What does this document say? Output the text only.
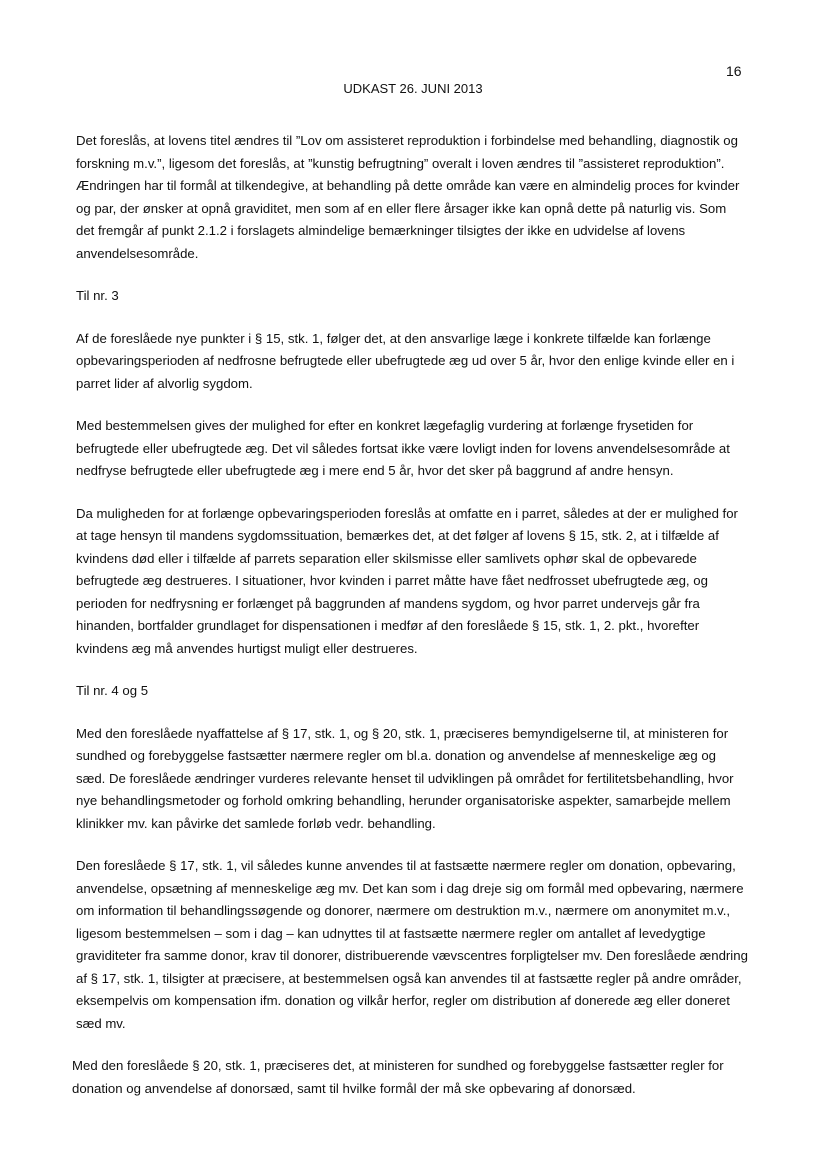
16
UDKAST 26. JUNI 2013

Det foreslås, at lovens titel ændres til ”Lov om assisteret reproduktion i forbindelse med behandling, diagnostik og forskning m.v.”, ligesom det foreslås, at ”kunstig befrugtning” overalt i loven ændres til ”assisteret reproduktion”. Ændringen har til formål at tilkendegive, at behandling på dette område kan være en almindelig proces for kvinder og par, der ønsker at opnå graviditet, men som af en eller flere årsager ikke kan opnå dette på naturlig vis. Som det fremgår af punkt 2.1.2 i forslagets almindelige bemærkninger tilsigtes der ikke en udvidelse af lovens anvendelsesområde.

Til nr. 3

Af de foreslåede nye punkter i § 15, stk. 1, følger det, at den ansvarlige læge i konkrete tilfælde kan forlænge opbevaringsperioden af nedfrosne befrugtede eller ubefrugtede æg ud over 5 år, hvor den enlige kvinde eller en i parret lider af alvorlig sygdom.

Med bestemmelsen gives der mulighed for efter en konkret lægefaglig vurdering at forlænge frysetiden for befrugtede eller ubefrugtede æg. Det vil således fortsat ikke være lovligt inden for lovens anvendelsesområde at nedfryse befrugtede eller ubefrugtede æg i mere end 5 år, hvor det sker på baggrund af andre hensyn.

Da muligheden for at forlænge opbevaringsperioden foreslås at omfatte en i parret, således at der er mulighed for at tage hensyn til mandens sygdomssituation, bemærkes det, at det følger af lovens § 15, stk. 2, at i tilfælde af kvindens død eller i tilfælde af parrets separation eller skilsmisse eller samlivets ophør skal de opbevarede befrugtede æg destrueres. I situationer, hvor kvinden i parret måtte have fået nedfrosset ubefrugtede æg, og perioden for nedfrysning er forlænget på baggrunden af mandens sygdom, og hvor parret undervejs går fra hinanden, bortfalder grundlaget for dispensationen i medfør af den foreslåede § 15, stk. 1, 2. pkt., hvorefter kvindens æg må anvendes hurtigst muligt eller destrueres.

Til nr. 4 og 5

Med den foreslåede nyaffattelse af § 17, stk. 1, og § 20, stk. 1, præciseres bemyndigelserne til, at ministeren for sundhed og forebyggelse fastsætter nærmere regler om bl.a. donation og anvendelse af menneskelige æg og sæd. De foreslåede ændringer vurderes relevante henset til udviklingen på området for fertilitetsbehandling, hvor nye behandlingsmetoder og forhold omkring behandling, herunder organisatoriske aspekter, samarbejde mellem klinikker mv. kan påvirke det samlede forløb vedr. behandling.

Den foreslåede § 17, stk. 1, vil således kunne anvendes til at fastsætte nærmere regler om donation, opbevaring, anvendelse, opsætning af menneskelige æg mv. Det kan som i dag dreje sig om formål med opbevaring, nærmere om information til behandlingssøgende og donorer, nærmere om destruktion m.v., nærmere om anonymitet m.v., ligesom bestemmelsen – som i dag – kan udnyttes til at fastsætte nærmere regler om antallet af levedygtige graviditeter fra samme donor, krav til donorer, distribuerende vævscentres forpligtelser mv. Den foreslåede ændring af § 17, stk. 1, tilsigter at præcisere, at bestemmelsen også kan anvendes til at fastsætte regler på andre områder, eksempelvis om kompensation ifm. donation og vilkår herfor, regler om distribution af donerede æg eller doneret sæd mv.

Med den foreslåede § 20, stk. 1, præciseres det, at ministeren for sundhed og forebyggelse fastsætter regler for donation og anvendelse af donorsæd, samt til hvilke formål der må ske opbevaring af donorsæd.
